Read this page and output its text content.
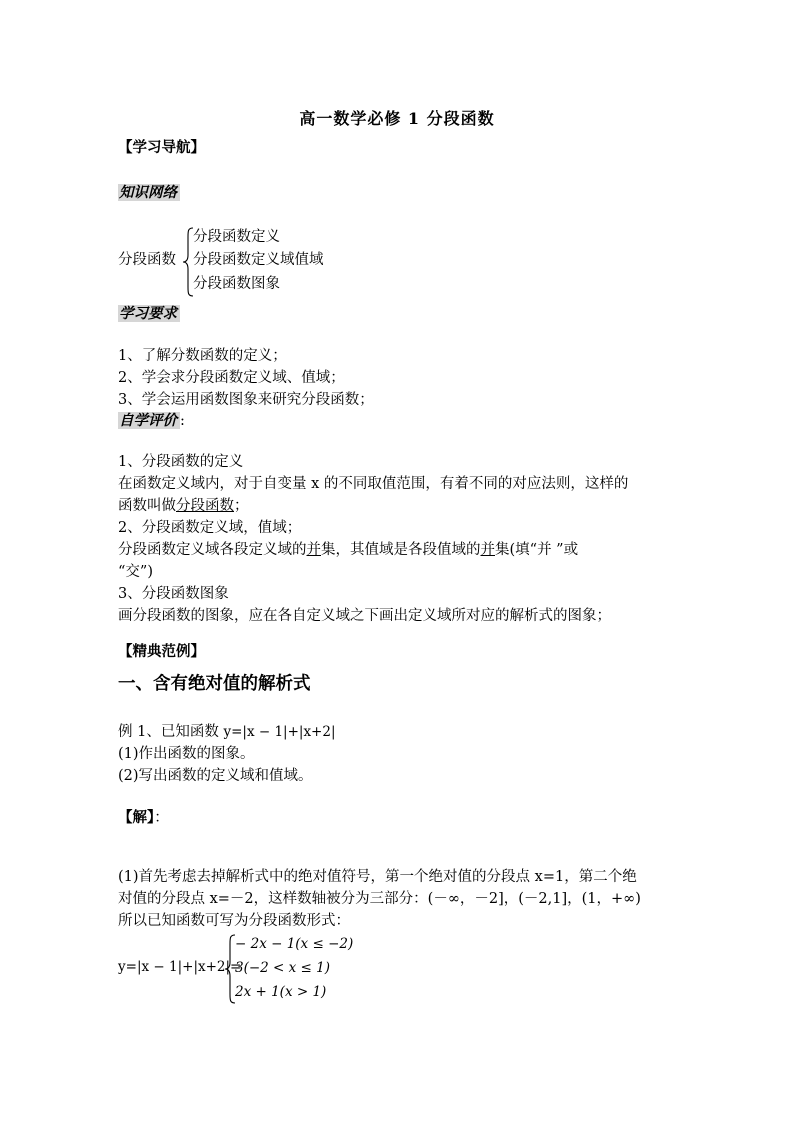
高一数学必修 1 分段函数
【学习导航】
知识网络
分段函数
分段函数定义
分段函数定义域值域
分段函数图象
学习要求
1、了解分数函数的定义；
2、学会求分段函数定义域、值域；
3、学会运用函数图象来研究分段函数；
自学评价 :
1、分段函数的定义
在函数定义域内，对于自变量 x 的不同取值范围，有着不同的对应法则，这样的
函数叫做分段函数；
2、分段函数定义域，值域；
分段函数定义域各段定义域的并集，其值域是各段值域的并集(填“并 ”或
“交”)
3、分段函数图象
画分段函数的图象，应在各自定义域之下画出定义域所对应的解析式的图象；
【精典范例】
一、含有绝对值的解析式
例 1、已知函数 y=|x − 1|+|x+2|
(1)作出函数的图象。
(2)写出函数的定义域和值域。
【解】：
(1)首先考虑去掉解析式中的绝对值符号，第一个绝对值的分段点 x=1，第二个绝
对值的分段点 x=－2，这样数轴被分为三部分：(－∞，－2]，(－2,1]，(1，+∞)
所以已知函数可写为分段函数形式：
y=|x − 1|+|x+2|=
− 2x − 1(x ≤ −2)
3(−2 < x ≤ 1)
2x + 1(x > 1)
